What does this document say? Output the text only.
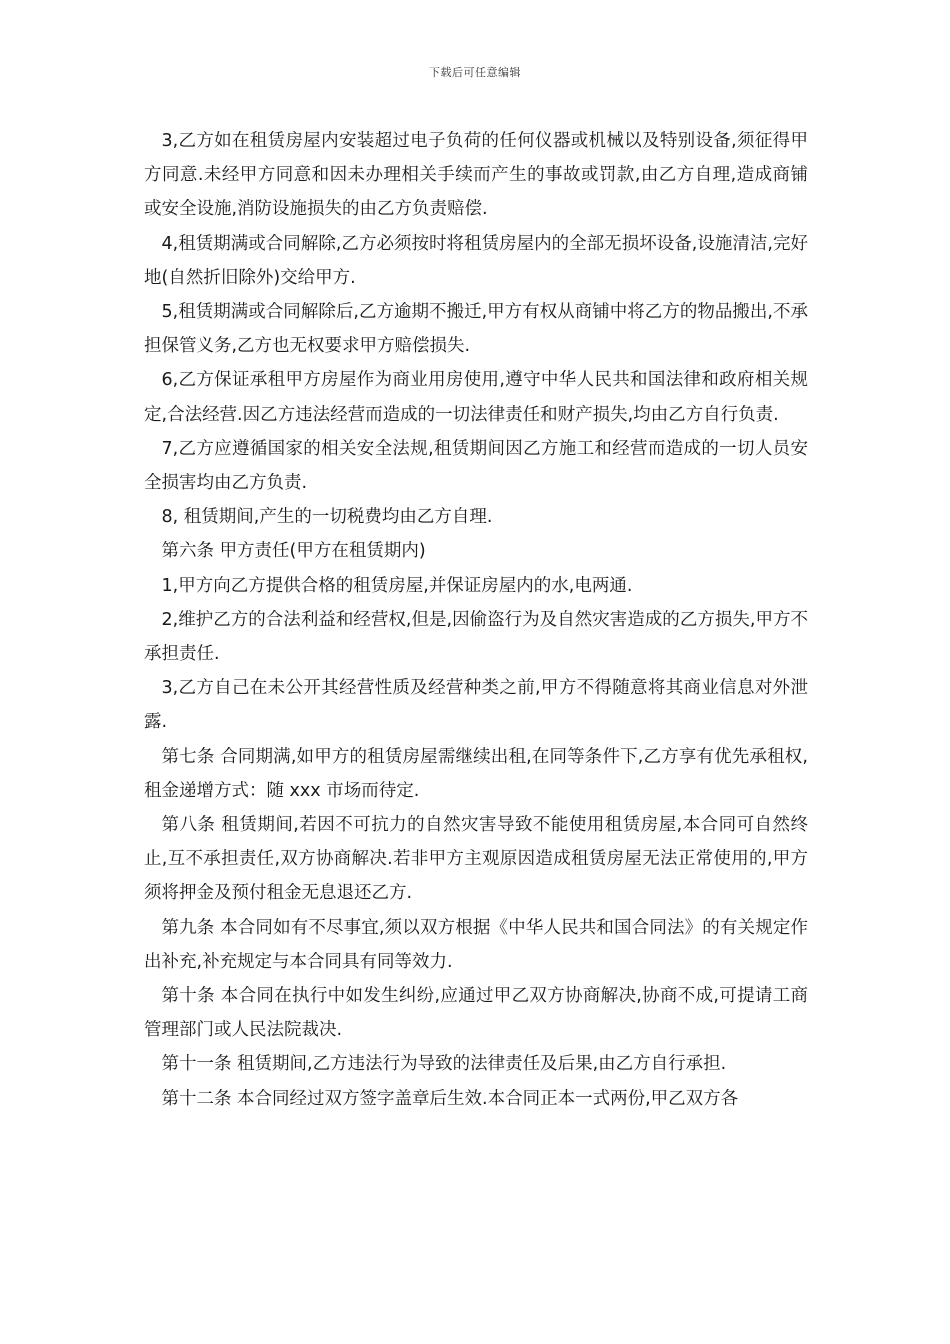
下载后可任意编辑

3,乙方如在租赁房屋内安装超过电子负荷的任何仪器或机械以及特别设备,须征得甲方同意.未经甲方同意和因未办理相关手续而产生的事故或罚款,由乙方自理,造成商铺或安全设施,消防设施损失的由乙方负责赔偿.

4,租赁期满或合同解除,乙方必须按时将租赁房屋内的全部无损坏设备,设施清洁,完好地(自然折旧除外)交给甲方.

5,租赁期满或合同解除后,乙方逾期不搬迁,甲方有权从商铺中将乙方的物品搬出,不承担保管义务,乙方也无权要求甲方赔偿损失.

6,乙方保证承租甲方房屋作为商业用房使用,遵守中华人民共和国法律和政府相关规定,合法经营.因乙方违法经营而造成的一切法律责任和财产损失,均由乙方自行负责.

7,乙方应遵循国家的相关安全法规,租赁期间因乙方施工和经营而造成的一切人员安全损害均由乙方负责.

8, 租赁期间,产生的一切税费均由乙方自理.

第六条 甲方责任(甲方在租赁期内)

1,甲方向乙方提供合格的租赁房屋,并保证房屋内的水,电两通.

2,维护乙方的合法利益和经营权,但是,因偷盗行为及自然灾害造成的乙方损失,甲方不承担责任.

3,乙方自己在未公开其经营性质及经营种类之前,甲方不得随意将其商业信息对外泄露.

第七条 合同期满,如甲方的租赁房屋需继续出租,在同等条件下,乙方享有优先承租权,租金递增方式：随 xxx 市场而待定.

第八条 租赁期间,若因不可抗力的自然灾害导致不能使用租赁房屋,本合同可自然终止,互不承担责任,双方协商解决.若非甲方主观原因造成租赁房屋无法正常使用的,甲方须将押金及预付租金无息退还乙方.

第九条 本合同如有不尽事宜,须以双方根据《中华人民共和国合同法》的有关规定作出补充,补充规定与本合同具有同等效力.

第十条 本合同在执行中如发生纠纷,应通过甲乙双方协商解决,协商不成,可提请工商管理部门或人民法院裁决.

第十一条 租赁期间,乙方违法行为导致的法律责任及后果,由乙方自行承担.

第十二条 本合同经过双方签字盖章后生效.本合同正本一式两份,甲乙双方各
